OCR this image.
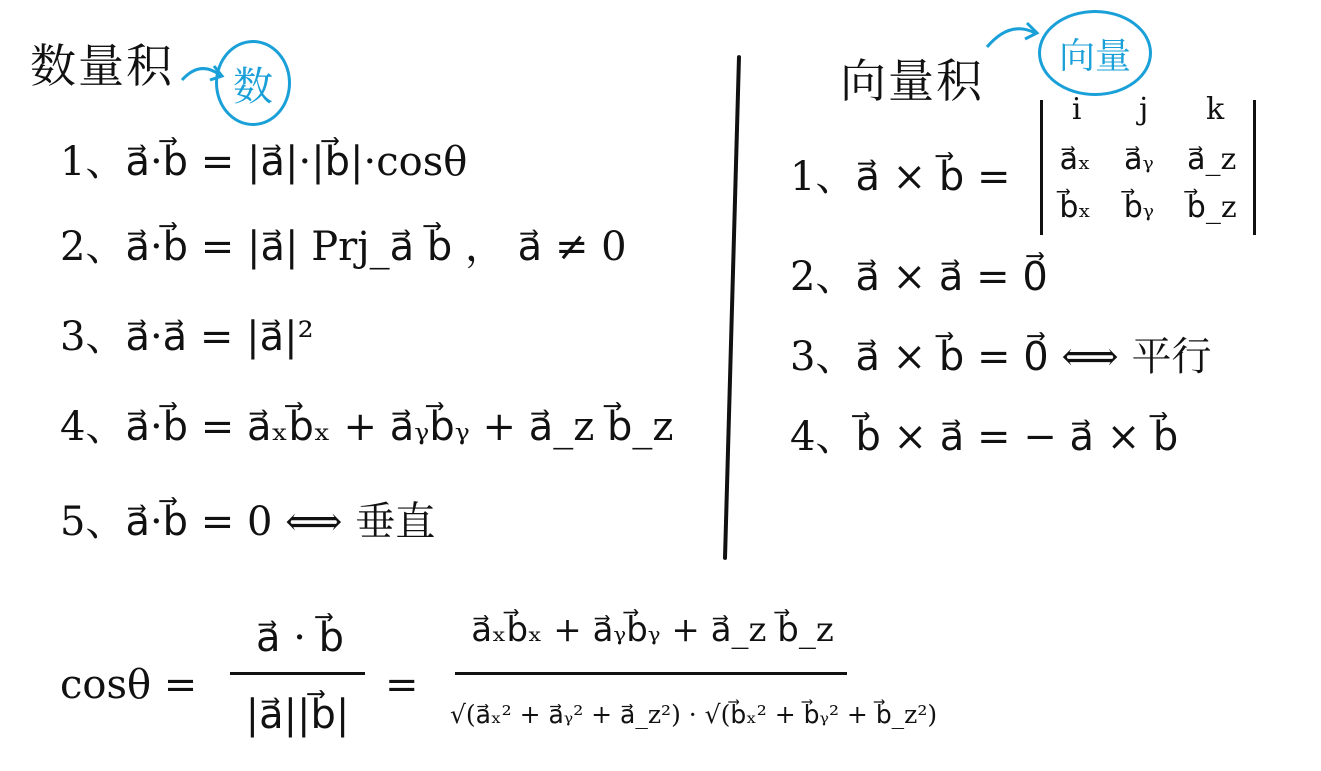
数量积	数
1、a⃗·b⃗ = |a⃗|·|b⃗|·cosθ
2、a⃗·b⃗ = |a⃗| Prj_a⃗ b⃗ ， a⃗ ≠ 0
3、a⃗·a⃗ = |a⃗|²
4、a⃗·b⃗ = a⃗ₓb⃗ₓ + a⃗ᵧb⃗ᵧ + a⃗_z b⃗_z
5、a⃗·b⃗ = 0 ⟺ 垂直
向量积	向量
1、a⃗ × b⃗ =
i j k
a⃗ₓ a⃗ᵧ a⃗_z
b⃗ₓ b⃗ᵧ b⃗_z
2、a⃗ × a⃗ = 0⃗
3、a⃗ × b⃗ = 0⃗ ⟺ 平行
4、b⃗ × a⃗ = − a⃗ × b⃗
cosθ =
a⃗ · b⃗
|a⃗||b⃗|
=
a⃗ₓb⃗ₓ + a⃗ᵧb⃗ᵧ + a⃗_z b⃗_z
√(a⃗ₓ² + a⃗ᵧ² + a⃗_z²) · √(b⃗ₓ² + b⃗ᵧ² + b⃗_z²)
